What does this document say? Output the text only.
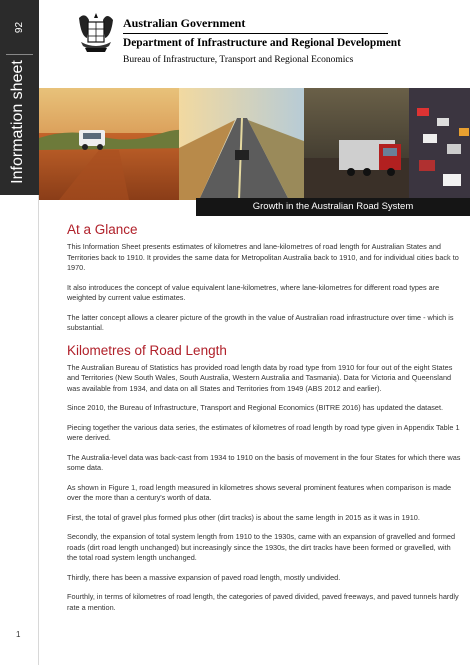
92
Information sheet
1
Australian Government
Department of Infrastructure and Regional Development
Bureau of Infrastructure, Transport and Regional Economics
Growth in the Australian Road System
At a Glance

This Information Sheet presents estimates of kilometres and lane-kilometres of road length for Australian States and Territories back to 1910. It provides the same data for Metropolitan Australia back to 1910, and for individual cities back to 1970.

It also introduces the concept of value equivalent lane-kilometres, where lane-kilometres for different road types are weighted by current value estimates.

The latter concept allows a clearer picture of the growth in the value of Australian road infrastructure over time - which is substantial.

Kilometres of Road Length

The Australian Bureau of Statistics has provided road length data by road type from 1910 for four out of the eight States and Territories (New South Wales, South Australia, Western Australia and Tasmania). Data for Victoria and Queensland was available from 1934, and data on all States and Territories from 1949 (ABS 2012 and earlier).

Since 2010, the Bureau of Infrastructure, Transport and Regional Economics (BITRE 2016) has updated the dataset.

Piecing together the various data series, the estimates of kilometres of road length by road type given in Appendix Table 1 were derived.

The Australia-level data was back-cast from 1934 to 1910 on the basis of movement in the four States for which there was some data.

As shown in Figure 1, road length measured in kilometres shows several prominent features when comparison is made over the more than a century's worth of data.

First, the total of gravel plus formed plus other (dirt tracks) is about the same length in 2015 as it was in 1910.

Secondly, the expansion of total system length from 1910 to the 1930s, came with an expansion of gravelled and formed roads (dirt road length unchanged) but increasingly since the 1930s, the dirt tracks have been formed or gravelled, with the total road system length unchanged.

Thirdly, there has been a massive expansion of paved road length, mostly undivided.

Fourthly, in terms of kilometres of road length, the categories of paved divided, paved freeways, and paved tunnels hardly rate a mention.
